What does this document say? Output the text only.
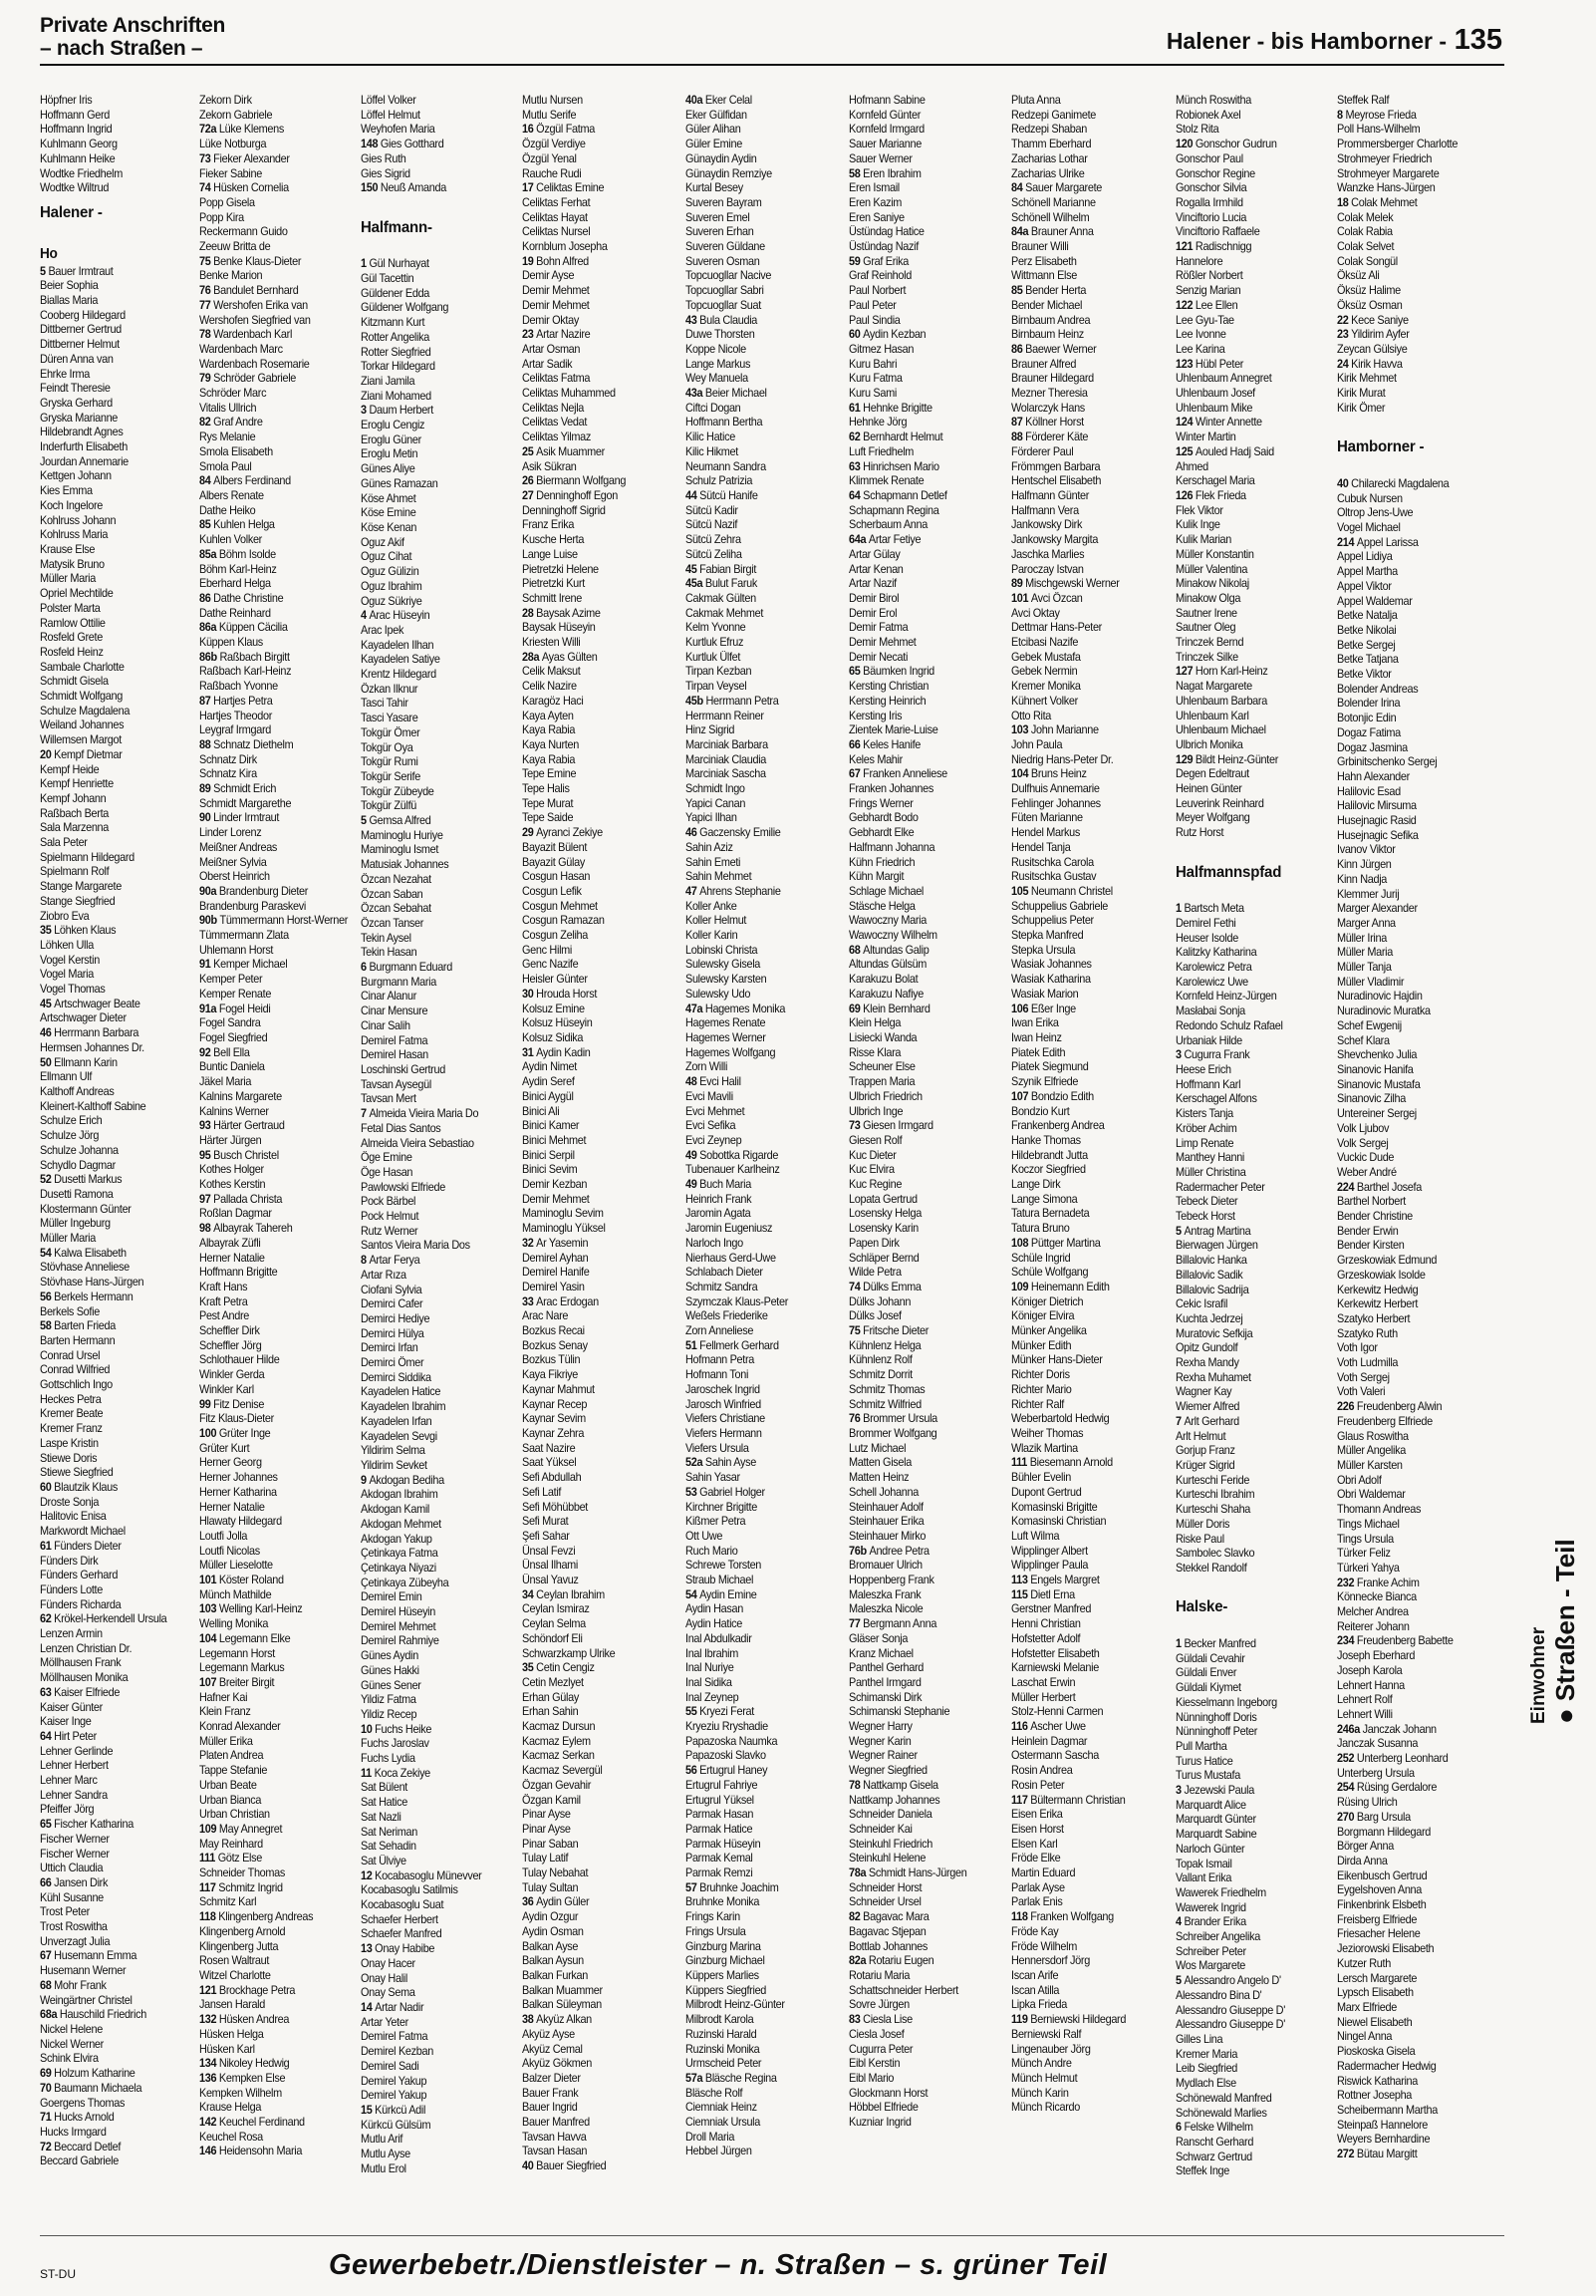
Private Anschriften
– nach Straßen –	Halener - bis Hamborner - 135
Höpfner Iris
Hoffmann Gerd
Hoffmann Ingrid
Kuhlmann Georg
Kuhlmann Heike
Wodtke Friedhelm
Wodtke Wiltrud
Halener -

Ho
5 Bauer Irmtraut
Beier Sophia
Biallas Maria
Cooberg Hildegard
Dittberner Gertrud
Dittberner Helmut
Düren Anna van
Ehrke Irma
Feindt Theresie
Gryska Gerhard
Gryska Marianne
Hildebrandt Agnes
Inderfurth Elisabeth
Jourdan Annemarie
Kettgen Johann
Kies Emma
Koch Ingelore
Kohlruss Johann
Kohlruss Maria
Krause Else
Matysik Bruno
Müller Maria
Opriel Mechtilde
Polster Marta
Ramlow Ottilie
Rosfeld Grete
Rosfeld Heinz
Sambale Charlotte
Schmidt Gisela
Schmidt Wolfgang
Schulze Magdalena
Weiland Johannes
Willemsen Margot
20 Kempf Dietmar
Kempf Heide
Kempf Henriette
Kempf Johann
Raßbach Berta
Sala Marzenna
Sala Peter
Spielmann Hildegard
Spielmann Rolf
Stange Margarete
Stange Siegfried
Ziobro Eva
35 Löhken Klaus
Löhken Ulla
Vogel Kerstin
Vogel Maria
Vogel Thomas
45 Artschwager Beate
Artschwager Dieter
46 Herrmann Barbara
Hermsen Johannes Dr.
50 Ellmann Karin
Ellmann Ulf
Kalthoff Andreas
Kleinert-Kalthoff Sabine
Schulze Erich
Schulze Jörg
Schulze Johanna
Schydlo Dagmar
52 Dusetti Markus
Dusetti Ramona
Klostermann Günter
Müller Ingeburg
Müller Maria
54 Kalwa Elisabeth
Stövhase Anneliese
Stövhase Hans-Jürgen
56 Berkels Hermann
Berkels Sofie
58 Barten Frieda
Barten Hermann
Conrad Ursel
Conrad Wilfried
Gottschlich Ingo
Heckes Petra
Kremer Beate
Kremer Franz
Laspe Kristin
Stiewe Doris
Stiewe Siegfried
60 Blautzik Klaus
Droste Sonja
Halitovic Enisa
Markwordt Michael
61 Fünders Dieter
Fünders Dirk
Fünders Gerhard
Fünders Lotte
Fünders Richarda
62 Krökel-Herkendell Ursula
Lenzen Armin
Lenzen Christian Dr.
Möllhausen Frank
Möllhausen Monika
63 Kaiser Elfriede
Kaiser Günter
Kaiser Inge
64 Hirt Peter
Lehner Gerlinde
Lehner Herbert
Lehner Marc
Lehner Sandra
Pfeiffer Jörg
65 Fischer Katharina
Fischer Werner
Fischer Werner
Uttich Claudia
66 Jansen Dirk
Kühl Susanne
Trost Peter
Trost Roswitha
Unverzagt Julia
67 Husemann Emma
Husemann Werner
68 Mohr Frank
Weingärtner Christel
68a Hauschild Friedrich
Nickel Helene
Nickel Werner
Schink Elvira
69 Holzum Katharine
70 Baumann Michaela
Goergens Thomas
71 Hucks Arnold
Hucks Irmgard
72 Beccard Detlef
Beccard Gabriele
Zekorn Dirk
Zekorn Gabriele
72a Lüke Klemens
Lüke Notburga
73 Fieker Alexander
Fieker Sabine
74 Hüsken Cornelia
Popp Gisela
Popp Kira
Reckermann Guido
Zeeuw Britta de
75 Benke Klaus-Dieter
Benke Marion
76 Bandulet Bernhard
77 Wershofen Erika van
Wershofen Siegfried van
78 Wardenbach Karl
Wardenbach Marc
Wardenbach Rosemarie
79 Schröder Gabriele
Schröder Marc
Vitalis Ullrich
82 Graf Andre
Rys Melanie
Smola Elisabeth
Smola Paul
84 Albers Ferdinand
Albers Renate
Dathe Heiko
85 Kuhlen Helga
Kuhlen Volker
85a Böhm Isolde
Böhm Karl-Heinz
Eberhard Helga
86 Dathe Christine
Dathe Reinhard
86a Küppen Cäcilia
Küppen Klaus
86b Raßbach Birgitt
Raßbach Karl-Heinz
Raßbach Yvonne
87 Hartjes Petra
Hartjes Theodor
Leygraf Irmgard
88 Schnatz Diethelm
Schnatz Dirk
Schnatz Kira
89 Schmidt Erich
Schmidt Margarethe
90 Linder Irmtraut
Linder Lorenz
Meißner Andreas
Meißner Sylvia
Oberst Heinrich
90a Brandenburg Dieter
Brandenburg Paraskevi
90b Tümmermann Horst-Werner
Tümmermann Zlata
Uhlemann Horst
91 Kemper Michael
Kemper Peter
Kemper Renate
91a Fogel Heidi
Fogel Sandra
Fogel Siegfried
92 Bell Ella
Buntic Daniela
Jäkel Maria
Kalnins Margarete
Kalnins Werner
93 Härter Gertraud
Härter Jürgen
95 Busch Christel
Kothes Holger
Kothes Kerstin
97 Pallada Christa
Roßlan Dagmar
98 Albayrak Tahereh
Albayrak Züfli
Herner Natalie
Hoffmann Brigitte
Kraft Hans
Kraft Petra
Pest Andre
Scheffler Dirk
Scheffler Jörg
Schlothauer Hilde
Winkler Gerda
Winkler Karl
99 Fitz Denise
Fitz Klaus-Dieter
100 Grüter Inge
Grüter Kurt
Herner Georg
Herner Johannes
Herner Katharina
Herner Natalie
Hlawaty Hildegard
Loutfi Jolla
Loutfi Nicolas
Müller Lieselotte
101 Köster Roland
Münch Mathilde
103 Welling Karl-Heinz
Welling Monika
104 Legemann Elke
Legemann Horst
Legemann Markus
107 Breiter Birgit
Hafner Kai
Klein Franz
Konrad Alexander
Müller Erika
Platen Andrea
Tappe Stefanie
Urban Beate
Urban Bianca
Urban Christian
109 May Annegret
May Reinhard
111 Götz Else
Schneider Thomas
117 Schmitz Ingrid
Schmitz Karl
118 Klingenberg Andreas
Klingenberg Arnold
Klingenberg Jutta
Rosen Waltraut
Witzel Charlotte
121 Brockhage Petra
Jansen Harald
132 Hüsken Andrea
Hüsken Helga
Hüsken Karl
134 Nikoley Hedwig
136 Kempken Else
Kempken Wilhelm
Krause Helga
142 Keuchel Ferdinand
Keuchel Rosa
146 Heidensohn Maria
Löffel Volker
Löffel Helmut
Weyhofen Maria
148 Gies Gotthard
Gies Ruth
Gies Sigrid
150 Neuß Amanda

Halfmann-

1 Gül Nurhayat
Gül Tacettin
Güldener Edda
Güldener Wolfgang
Kitzmann Kurt
Rotter Angelika
Rotter Siegfried
Torkar Hildegard
Ziani Jamila
Ziani Mohamed
3 Daum Herbert
Eroglu Cengiz
Eroglu Güner
Eroglu Metin
Günes Aliye
Günes Ramazan
Köse Ahmet
Köse Emine
Köse Kenan
Oguz Akif
Oguz Cihat
Oguz Gülizin
Oguz Ibrahim
Oguz Sükriye
4 Arac Hüseyin
Arac Ipek
Kayadelen Ilhan
Kayadelen Satiye
Krentz Hildegard
Özkan Ilknur
Tasci Tahir
Tasci Yasare
Tokgür Ömer
Tokgür Oya
Tokgür Rumi
Tokgür Serife
Tokgür Zübeyde
Tokgür Zülfü
5 Gemsa Alfred
Maminoglu Huriye
Maminoglu Ismet
Matusiak Johannes
Özcan Nezahat
Özcan Saban
Özcan Sebahat
Özcan Tanser
Tekin Aysel
Tekin Hasan
6 Burgmann Eduard
Burgmann Maria
Cinar Alanur
Cinar Mensure
Cinar Salih
Demirel Fatma
Demirel Hasan
Loschinski Gertrud
Tavsan Aysegül
Tavsan Mert
7 Almeida Vieira Maria Do
Fetal Dias Santos
Almeida Vieira Sebastiao
Öge Emine
Öge Hasan
Pawlowski Elfriede
Pock Bärbel
Pock Helmut
Rutz Werner
Santos Vieira Maria Dos
8 Artar Ferya
Artar Rıza
Ciofani Sylvia
Demirci Cafer
Demirci Hediye
Demirci Hülya
Demirci Irfan
Demirci Ömer
Demirci Siddika
Kayadelen Hatice
Kayadelen Ibrahim
Kayadelen Irfan
Kayadelen Sevgi
Yildirim Selma
Yildirim Sevket
9 Akdogan Bediha
Akdogan Ibrahim
Akdogan Kamil
Akdogan Mehmet
Akdogan Yakup
Çetinkaya Fatma
Çetinkaya Niyazi
Çetinkaya Zübeyha
Demirel Emin
Demirel Hüseyin
Demirel Mehmet
Demirel Rahmiye
Günes Aydin
Günes Hakki
Günes Sener
Yildiz Fatma
Yildiz Recep
10 Fuchs Heike
Fuchs Jaroslav
Fuchs Lydia
11 Koca Zekiye
Sat Bülent
Sat Hatice
Sat Nazli
Sat Neriman
Sat Sehadin
Sat Ülviye
12 Kocabasoglu Münevver
Kocabasoglu Satilmis
Kocabasoglu Suat
Schaefer Herbert
Schaefer Manfred
13 Onay Habibe
Onay Hacer
Onay Halil
Onay Sema
14 Artar Nadir
Artar Yeter
Demirel Fatma
Demirel Kezban
Demirel Sadi
Demirel Yakup
Demirel Yakup
15 Kürkcü Adil
Kürkcü Gülsüm
Mutlu Arif
Mutlu Ayse
Mutlu Erol
Mutlu Nursen
Mutlu Serife
16 Özgül Fatma
Özgül Verdiye
Özgül Yenal
Rauche Rudi
17 Celiktas Emine
Celiktas Ferhat
Celiktas Hayat
Celiktas Nursel
Kornblum Josepha
19 Bohn Alfred
Demir Ayse
Demir Mehmet
Demir Mehmet
Demir Oktay
23 Artar Nazire
Artar Osman
Artar Sadik
Celiktas Fatma
Celiktas Muhammed
Celiktas Nejla
Celiktas Vedat
Celiktas Yilmaz
25 Asik Muammer
Asik Sükran
26 Biermann Wolfgang
27 Denninghoff Egon
Denninghoff Sigrid
Franz Erika
Kusche Herta
Lange Luise
Pietretzki Helene
Pietretzki Kurt
Schmitt Irene
28 Baysak Azime
Baysak Hüseyin
Kriesten Willi
28a Ayas Gülten
Celik Maksut
Celik Nazire
Karagöz Haci
Kaya Ayten
Kaya Rabia
Kaya Nurten
Kaya Rabia
Tepe Emine
Tepe Halis
Tepe Murat
Tepe Saide
29 Ayranci Zekiye
Bayazit Bülent
Bayazit Gülay
Cosgun Hasan
Cosgun Lefik
Cosgun Mehmet
Cosgun Ramazan
Cosgun Zeliha
Genc Hilmi
Genc Nazife
Heisler Günter
30 Hrouda Horst
Kolsuz Emine
Kolsuz Hüseyin
Kolsuz Sidika
31 Aydin Kadin
Aydin Nimet
Aydin Seref
Binici Aygül
Binici Ali
Binici Kamer
Binici Mehmet
Binici Serpil
Binici Sevim
Demir Kezban
Demir Mehmet
Maminoglu Sevim
Maminoglu Yüksel
32 Ar Yasemin
Demirel Ayhan
Demirel Hanife
Demirel Yasin
33 Arac Erdogan
Arac Nare
Bozkus Recai
Bozkus Senay
Bozkus Tülin
Kaya Fikriye
Kaynar Mahmut
Kaynar Recep
Kaynar Sevim
Kaynar Zehra
Saat Nazire
Saat Yüksel
Sefi Abdullah
Sefi Latif
Sefi Möhübbet
Sefi Murat
Şefi Sahar
Ünsal Fevzi
Ünsal Ilhami
Ünsal Yavuz
34 Ceylan Ibrahim
Ceylan Ismiraz
Ceylan Selma
Schöndorf Eli
Schwarzkamp Ulrike
35 Cetin Cengiz
Cetin Mezlyet
Erhan Gülay
Erhan Sahin
Kacmaz Dursun
Kacmaz Eylem
Kacmaz Serkan
Kacmaz Severgül
Özgan Gevahir
Özgan Kamil
Pinar Ayse
Pinar Ayse
Pinar Saban
Tulay Latif
Tulay Nebahat
Tulay Sultan
36 Aydin Güler
Aydin Ozgur
Aydin Osman
Balkan Ayse
Balkan Aysun
Balkan Furkan
Balkan Muammer
Balkan Süleyman
38 Akyüz Alkan
Akyüz Ayse
Akyüz Cemal
Akyüz Gökmen
Balzer Dieter
Bauer Frank
Bauer Ingrid
Bauer Manfred
Tavsan Havva
Tavsan Hasan
40 Bauer Siegfried
40a Eker Celal
Eker Gülfidan
Güler Alihan
Güler Emine
Günaydin Aydin
Günaydin Remziye
Kurtal Besey
Suveren Bayram
Suveren Emel
Suveren Erhan
Suveren Güldane
Suveren Osman
Topcuogllar Nacive
Topcuogllar Sabri
Topcuogllar Suat
43 Bula Claudia
Duwe Thorsten
Koppe Nicole
Lange Markus
Wey Manuela
43a Beier Michael
Ciftci Dogan
Hoffmann Bertha
Kilic Hatice
Kilic Hikmet
Neumann Sandra
Schulz Patrizia
44 Sütcü Hanife
Sütcü Kadir
Sütcü Nazif
Sütcü Zehra
Sütcü Zeliha
45 Fabian Birgit
45a Bulut Faruk
Cakmak Gülten
Cakmak Mehmet
Kelm Yvonne
Kurtluk Efruz
Kurtluk Ülfet
Tirpan Kezban
Tirpan Veysel
45b Herrmann Petra
Herrmann Reiner
Hinz Sigrid
Marciniak Barbara
Marciniak Claudia
Marciniak Sascha
Schmidt Ingo
Yapici Canan
Yapici Ilhan
46 Gaczensky Emilie
Sahin Aziz
Sahin Emeti
Sahin Mehmet
47 Ahrens Stephanie
Koller Anke
Koller Helmut
Koller Karin
Lobinski Christa
Sulewsky Gisela
Sulewsky Karsten
Sulewsky Udo
47a Hagemes Monika
Hagemes Renate
Hagemes Werner
Hagemes Wolfgang
Zorn Willi
48 Evci Halil
Evci Mavili
Evci Mehmet
Evci Sefika
Evci Zeynep
49 Sobottka Rigarde
Tubenauer Karlheinz
49 Buch Maria
Heinrich Frank
Jaromin Agata
Jaromin Eugeniusz
Narloch Ingo
Nierhaus Gerd-Uwe
Schlabach Dieter
Schmitz Sandra
Szymczak Klaus-Peter
Weßels Friederike
Zorn Anneliese
51 Fellmerk Gerhard
Hofmann Petra
Hofmann Toni
Jaroschek Ingrid
Jarosch Winfried
Viefers Christiane
Viefers Hermann
Viefers Ursula
52a Sahin Ayse
Sahin Yasar
53 Gabriel Holger
Kirchner Brigitte
Kißmer Petra
Ott Uwe
Ruch Mario
Schrewe Torsten
Straub Michael
54 Aydin Emine
Aydin Hasan
Aydin Hatice
Inal Abdulkadir
Inal Ibrahim
Inal Nuriye
Inal Sidika
Inal Zeynep
55 Kryezi Ferat
Kryeziu Rryshadie
Papazoska Naumka
Papazoski Slavko
56 Ertugrul Haney
Ertugrul Fahriye
Ertugrul Yüksel
Parmak Hasan
Parmak Hatice
Parmak Hüseyin
Parmak Kemal
Parmak Remzi
57 Bruhnke Joachim
Bruhnke Monika
Frings Karin
Frings Ursula
Ginzburg Marina
Ginzburg Michael
Küppers Marlies
Küppers Siegfried
Milbrodt Heinz-Günter
Milbrodt Karola
Ruzinski Harald
Ruzinski Monika
Urmscheid Peter
57a Bläsche Regina
Bläsche Rolf
Ciemniak Heinz
Ciemniak Ursula
Droll Maria
Hebbel Jürgen
Hofmann Sabine
Kornfeld Günter
Kornfeld Irmgard
Sauer Marianne
Sauer Werner
58 Eren Ibrahim
Eren Ismail
Eren Kazim
Eren Saniye
Üstündag Hatice
Üstündag Nazif
59 Graf Erika
Graf Reinhold
Paul Norbert
Paul Peter
Paul Sindia
60 Aydin Kezban
Gitmez Hasan
Kuru Bahri
Kuru Fatma
Kuru Sami
61 Hehnke Brigitte
Hehnke Jörg
62 Bernhardt Helmut
Luft Friedhelm
63 Hinrichsen Mario
Klimmek Renate
64 Schapmann Detlef
Schapmann Regina
Scherbaum Anna
64a Artar Fetiye
Artar Gülay
Artar Kenan
Artar Nazif
Demir Birol
Demir Erol
Demir Fatma
Demir Mehmet
Demir Necati
65 Bäumken Ingrid
Kersting Christian
Kersting Heinrich
Kersting Iris
Zientek Marie-Luise
66 Keles Hanife
Keles Mahir
67 Franken Anneliese
Franken Johannes
Frings Werner
Gebhardt Bodo
Gebhardt Elke
Halfmann Johanna
Kühn Friedrich
Kühn Margit
Schlage Michael
Stäsche Helga
Wawoczny Maria
Wawoczny Wilhelm
68 Altundas Galip
Altundas Gülsüm
Karakuzu Bolat
Karakuzu Nafiye
69 Klein Bernhard
Klein Helga
Lisiecki Wanda
Risse Klara
Scheuner Else
Trappen Maria
Ulbrich Friedrich
Ulbrich Inge
73 Giesen Irmgard
Giesen Rolf
Kuc Dieter
Kuc Elvira
Kuc Regine
Lopata Gertrud
Losensky Helga
Losensky Karin
Papen Dirk
Schläper Bernd
Wilde Petra
74 Dülks Emma
Dülks Johann
Dülks Josef
75 Fritsche Dieter
Kühnlenz Helga
Kühnlenz Rolf
Schmitz Dorrit
Schmitz Thomas
Schmitz Wilfried
76 Brommer Ursula
Brommer Wolfgang
Lutz Michael
Matten Gisela
Matten Heinz
Schell Johanna
Steinhauer Adolf
Steinhauer Erika
Steinhauer Mirko
76b Andree Petra
Bromauer Ulrich
Hoppenberg Frank
Maleszka Frank
Maleszka Nicole
77 Bergmann Anna
Gläser Sonja
Kranz Michael
Panthel Gerhard
Panthel Irmgard
Schimanski Dirk
Schimanski Stephanie
Wegner Harry
Wegner Karin
Wegner Rainer
Wegner Siegfried
78 Nattkamp Gisela
Nattkamp Johannes
Schneider Daniela
Schneider Kai
Steinkuhl Friedrich
Steinkuhl Helene
78a Schmidt Hans-Jürgen
Schneider Horst
Schneider Ursel
82 Bagavac Mara
Bagavac Stjepan
Bottlab Johannes
82a Rotariu Eugen
Rotariu Maria
Schattschneider Herbert
Sovre Jürgen
83 Ciesla Lise
Ciesla Josef
Cugurra Peter
Eibl Kerstin
Eibl Mario
Glockmann Horst
Höbbel Elfriede
Kuzniar Ingrid
Pluta Anna
Redzepi Ganimete
Redzepi Shaban
Thamm Eberhard
Zacharias Lothar
Zacharias Ulrike
84 Sauer Margarete
Schönell Marianne
Schönell Wilhelm
84a Brauner Anna
Brauner Willi
Perz Elisabeth
Wittmann Else
85 Bender Herta
Bender Michael
Birnbaum Andrea
Birnbaum Heinz
86 Baewer Werner
Brauner Alfred
Brauner Hildegard
Mezner Theresia
Wolarczyk Hans
87 Köllner Horst
88 Förderer Käte
Förderer Paul
Frömmgen Barbara
Hentschel Elisabeth
Halfmann Günter
Halfmann Vera
Jankowsky Dirk
Jankowsky Margita
Jaschka Marlies
Paroczay Istvan
89 Mischgewski Werner
101 Avci Özcan
Avci Oktay
Dettmar Hans-Peter
Etcibasi Nazife
Gebek Mustafa
Gebek Nermin
Kremer Monika
Kühnert Volker
Otto Rita
103 John Marianne
John Paula
Niedrig Hans-Peter Dr.
104 Bruns Heinz
Dulfhuis Annemarie
Fehlinger Johannes
Füten Marianne
Hendel Markus
Hendel Tanja
Rusitschka Carola
Rusitschka Gustav
105 Neumann Christel
Schuppelius Gabriele
Schuppelius Peter
Stepka Manfred
Stepka Ursula
Wasiak Johannes
Wasiak Katharina
Wasiak Marion
106 Eßer Inge
Iwan Erika
Iwan Heinz
Piatek Edith
Piatek Siegmund
Szynik Elfriede
107 Bondzio Edith
Bondzio Kurt
Frankenberg Andrea
Hanke Thomas
Hildebrandt Jutta
Koczor Siegfried
Lange Dirk
Lange Simona
Tatura Bernadeta
Tatura Bruno
108 Püttger Martina
Schüle Ingrid
Schüle Wolfgang
109 Heinemann Edith
Königer Dietrich
Königer Elvira
Münker Angelika
Münker Edith
Münker Hans-Dieter
Richter Doris
Richter Mario
Richter Ralf
Weberbartold Hedwig
Weiher Thomas
Wlazik Martina
111 Biesemann Arnold
Bühler Evelin
Dupont Gertrud
Komasinski Brigitte
Komasinski Christian
Luft Wilma
Wipplinger Albert
Wipplinger Paula
113 Engels Margret
115 Dietl Erna
Gerstner Manfred
Henni Christian
Hofstetter Adolf
Hofstetter Elisabeth
Karniewski Melanie
Laschat Erwin
Müller Herbert
Stolz-Henni Carmen
116 Ascher Uwe
Heinlein Dagmar
Ostermann Sascha
Rosin Andrea
Rosin Peter
117 Bültermann Christian
Eisen Erika
Eisen Horst
Elsen Karl
Fröde Elke
Martin Eduard
Parlak Ayse
Parlak Enis
118 Franken Wolfgang
Fröde Kay
Fröde Wilhelm
Hennersdorf Jörg
Iscan Arife
Iscan Atilla
Lipka Frieda
119 Berniewski Hildegard
Berniewski Ralf
Lingenauber Jörg
Münch Andre
Münch Helmut
Münch Karin
Münch Ricardo
Münch Roswitha
Robionek Axel
Stolz Rita
120 Gonschor Gudrun
Gonschor Paul
Gonschor Regine
Gonschor Silvia
Rogalla Irmhild
Vinciftorio Lucia
Vinciftorio Raffaele
121 Radischnigg
Hannelore
Rößler Norbert
Senzig Marian
122 Lee Ellen
Lee Gyu-Tae
Lee Ivonne
Lee Karina
123 Hübl Peter
Uhlenbaum Annegret
Uhlenbaum Josef
Uhlenbaum Mike
124 Winter Annette
Winter Martin
125 Aouled Hadj Said
Ahmed
Kerschagel Maria
126 Flek Frieda
Flek Viktor
Kulik Inge
Kulik Marian
Müller Konstantin
Müller Valentina
Minakow Nikolaj
Minakow Olga
Sautner Irene
Sautner Oleg
Trinczek Bernd
Trinczek Silke
127 Horn Karl-Heinz
Nagat Margarete
Uhlenbaum Barbara
Uhlenbaum Karl
Uhlenbaum Michael
Ulbrich Monika
129 Bildt Heinz-Günter
Degen Edeltraut
Heinen Günter
Leuverink Reinhard
Meyer Wolfgang
Rutz Horst

Halfmannspfad

1 Bartsch Meta
Demirel Fethi
Heuser Isolde
Kalitzky Katharina
Karolewicz Petra
Karolewicz Uwe
Kornfeld Heinz-Jürgen
Masłabai Sonja
Redondo Schulz Rafael
Urbaniak Hilde
3 Cugurra Frank
Heese Erich
Hoffmann Karl
Kerschagel Alfons
Kisters Tanja
Kröber Achim
Limp Renate
Manthey Hanni
Müller Christina
Radermacher Peter
Tebeck Dieter
Tebeck Horst
5 Antrag Martina
Bierwagen Jürgen
Billalovic Hanka
Billalovic Sadik
Billalovic Sadrija
Cekic Israfil
Kuchta Jedrzej
Muratovic Sefkija
Opitz Gundolf
Rexha Mandy
Rexha Muhamet
Wagner Kay
Wiemer Alfred
7 Arlt Gerhard
Arlt Helmut
Gorjup Franz
Krüger Sigrid
Kurteschi Feride
Kurteschi Ibrahim
Kurteschi Shaha
Müller Doris
Riske Paul
Sambolec Slavko
Stekkel Randolf

Halske-

1 Becker Manfred
Güldali Cevahir
Güldali Enver
Güldali Kiymet
Kiesselmann Ingeborg
Nünninghoff Doris
Nünninghoff Peter
Pull Martha
Turus Hatice
Turus Mustafa
3 Jezewski Paula
Marquardt Alice
Marquardt Günter
Marquardt Sabine
Narloch Günter
Topak Ismail
Vallant Erika
Wawerek Friedhelm
Wawerek Ingrid
4 Brander Erika
Schreiber Angelika
Schreiber Peter
Wos Margarete
5 Alessandro Angelo D'
Alessandro Bina D'
Alessandro Giuseppe D'
Alessandro Giuseppe D'
Gilles Lina
Kremer Maria
Leib Siegfried
Mydlach Else
Schönewald Manfred
Schönewald Marlies
6 Felske Wilhelm
Ranscht Gerhard
Schwarz Gertrud
Steffek Inge
Steffek Ralf
8 Meyrose Frieda
Poll Hans-Wilhelm
Prommersberger Charlotte
Strohmeyer Friedrich
Strohmeyer Margarete
Wanzke Hans-Jürgen
18 Colak Mehmet
Colak Melek
Colak Rabia
Colak Selvet
Colak Songül
Öksüz Ali
Öksüz Halime
Öksüz Osman
22 Kece Saniye
23 Yildirim Ayfer
Zeycan Gülsiye
24 Kirik Havva
Kirik Mehmet
Kirik Murat
Kirik Ömer

Hamborner -

40 Chilarecki Magdalena
Cubuk Nursen
Oltrop Jens-Uwe
Vogel Michael
214 Appel Larissa
Appel Lidiya
Appel Martha
Appel Viktor
Appel Waldemar
Betke Natalja
Betke Nikolai
Betke Sergej
Betke Tatjana
Betke Viktor
Bolender Andreas
Bolender Irina
Botonjic Edin
Dogaz Fatima
Dogaz Jasmina
Grbinitschenko Sergej
Hahn Alexander
Halilovic Esad
Halilovic Mirsuma
Husejnagic Rasid
Husejnagic Sefika
Ivanov Viktor
Kinn Jürgen
Kinn Nadja
Klemmer Jurij
Marger Alexander
Marger Anna
Müller Irina
Müller Maria
Müller Tanja
Müller Vladimir
Nuradinovic Hajdin
Nuradinovic Muratka
Schef Ewgenij
Schef Klara
Shevchenko Julia
Sinanovic Hanifa
Sinanovic Mustafa
Sinanovic Zilha
Untereiner Sergej
Volk Ljubov
Volk Sergej
Vuckic Dude
Weber André
224 Barthel Josefa
Barthel Norbert
Bender Christine
Bender Erwin
Bender Kirsten
Grzeskowiak Edmund
Grzeskowiak Isolde
Kerkewitz Hedwig
Kerkewitz Herbert
Szatyko Herbert
Szatyko Ruth
Voth Igor
Voth Ludmilla
Voth Sergej
Voth Valeri
226 Freudenberg Alwin
Freudenberg Elfriede
Glaus Roswitha
Müller Angelika
Müller Karsten
Obri Adolf
Obri Waldemar
Thomann Andreas
Tings Michael
Tings Ursula
Türker Feliz
Türkeri Yahya
232 Franke Achim
Könnecke Bianca
Melcher Andrea
Reiterer Johann
234 Freudenberg Babette
Joseph Eberhard
Joseph Karola
Lehnert Hanna
Lehnert Rolf
Lehnert Willi
246a Janczak Johann
Janczak Susanna
252 Unterberg Leonhard
Unterberg Ursula
254 Rüsing Gerdalore
Rüsing Ulrich
270 Barg Ursula
Borgmann Hildegard
Börger Anna
Dirda Anna
Eikenbusch Gertrud
Eygelshoven Anna
Finkenbrink Elsbeth
Freisberg Elfriede
Friesacher Helene
Jeziorowski Elisabeth
Kutzer Ruth
Lersch Margarete
Lypsch Elisabeth
Marx Elfriede
Niewel Elisabeth
Ningel Anna
Pioskoska Gisela
Radermacher Hedwig
Riswick Katharina
Rottner Josepha
Scheibermann Martha
Steinpaß Hannelore
Weyers Bernhardine
272 Bütau Margitt
Einwohner ● Straßen - Teil
ST-DU	Gewerbebetr./Dienstleister – n. Straßen – s. grüner Teil
